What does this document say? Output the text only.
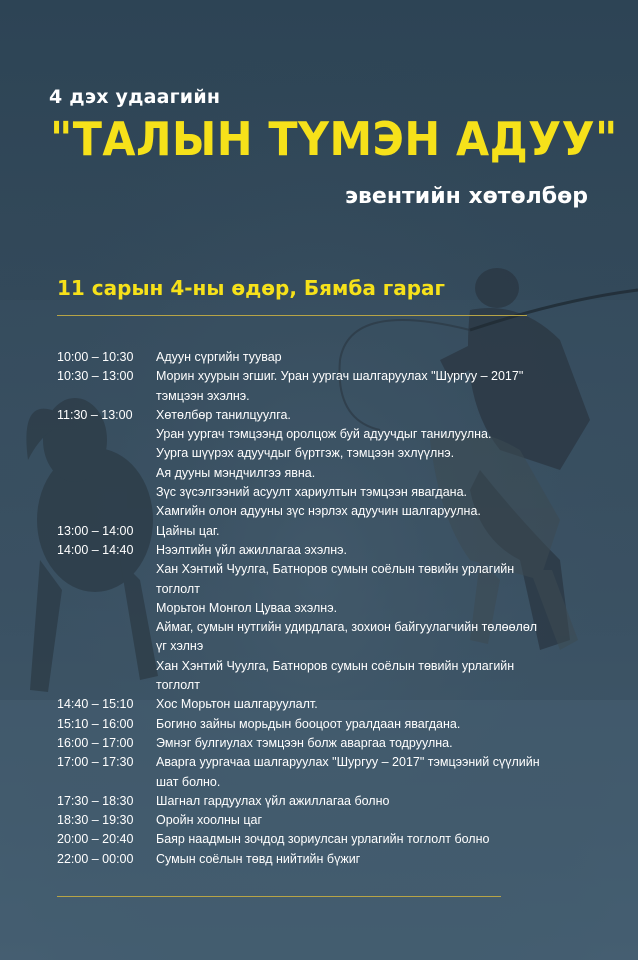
4 дэх удаагийн
"ТАЛЫН ТҮМЭН АДУУ"
эвентийн хөтөлбөр
11 сарын 4-ны өдөр, Бямба гараг
10:00 – 10:30	Адуун сүргийн туувар
10:30 – 13:00	Морин хуурын эгшиг. Уран уургач шалгаруулах "Шургуу – 2017"
тэмцээн эхэлнэ.
11:30 – 13:00	Хөтөлбөр танилцуулга.
Уран уургач тэмцээнд оролцож буй адуучдыг танилуулна.
Уурга шүүрэх адуучдыг бүртгэж, тэмцээн эхлүүлнэ.
Ая дууны мэндчилгээ явна.
Зүс зүсэлгээний асуулт хариултын тэмцээн явагдана.
Хамгийн олон адууны зүс нэрлэх адуучин шалгаруулна.
13:00 – 14:00	Цайны цаг.
14:00 – 14:40	Нээлтийн үйл ажиллагаа эхэлнэ.
Хан Хэнтий Чуулга, Батноров сумын соёлын төвийн урлагийн
тоглолт
Морьтон Монгол Цуваа эхэлнэ.
Аймаг, сумын нутгийн удирдлага, зохион байгуулагчийн төлөөлөл
үг хэлнэ
Хан Хэнтий Чуулга, Батноров сумын соёлын төвийн урлагийн
тоглолт
14:40 – 15:10	Хос Морьтон шалгаруулалт.
15:10 – 16:00	Богино зайны морьдын бооцоот уралдаан явагдана.
16:00 – 17:00	Эмнэг булгиулах тэмцээн болж аваргаа тодруулна.
17:00 – 17:30	Аварга уургачаа шалгаруулах "Шургуу – 2017" тэмцээний сүүлийн
шат болно.
17:30 – 18:30	Шагнал гардуулах үйл ажиллагаа болно
18:30 – 19:30	Оройн хоолны цаг
20:00 – 20:40	Баяр наадмын зочдод зориулсан урлагийн тоглолт болно
22:00 – 00:00	Сумын соёлын төвд нийтийн бүжиг
